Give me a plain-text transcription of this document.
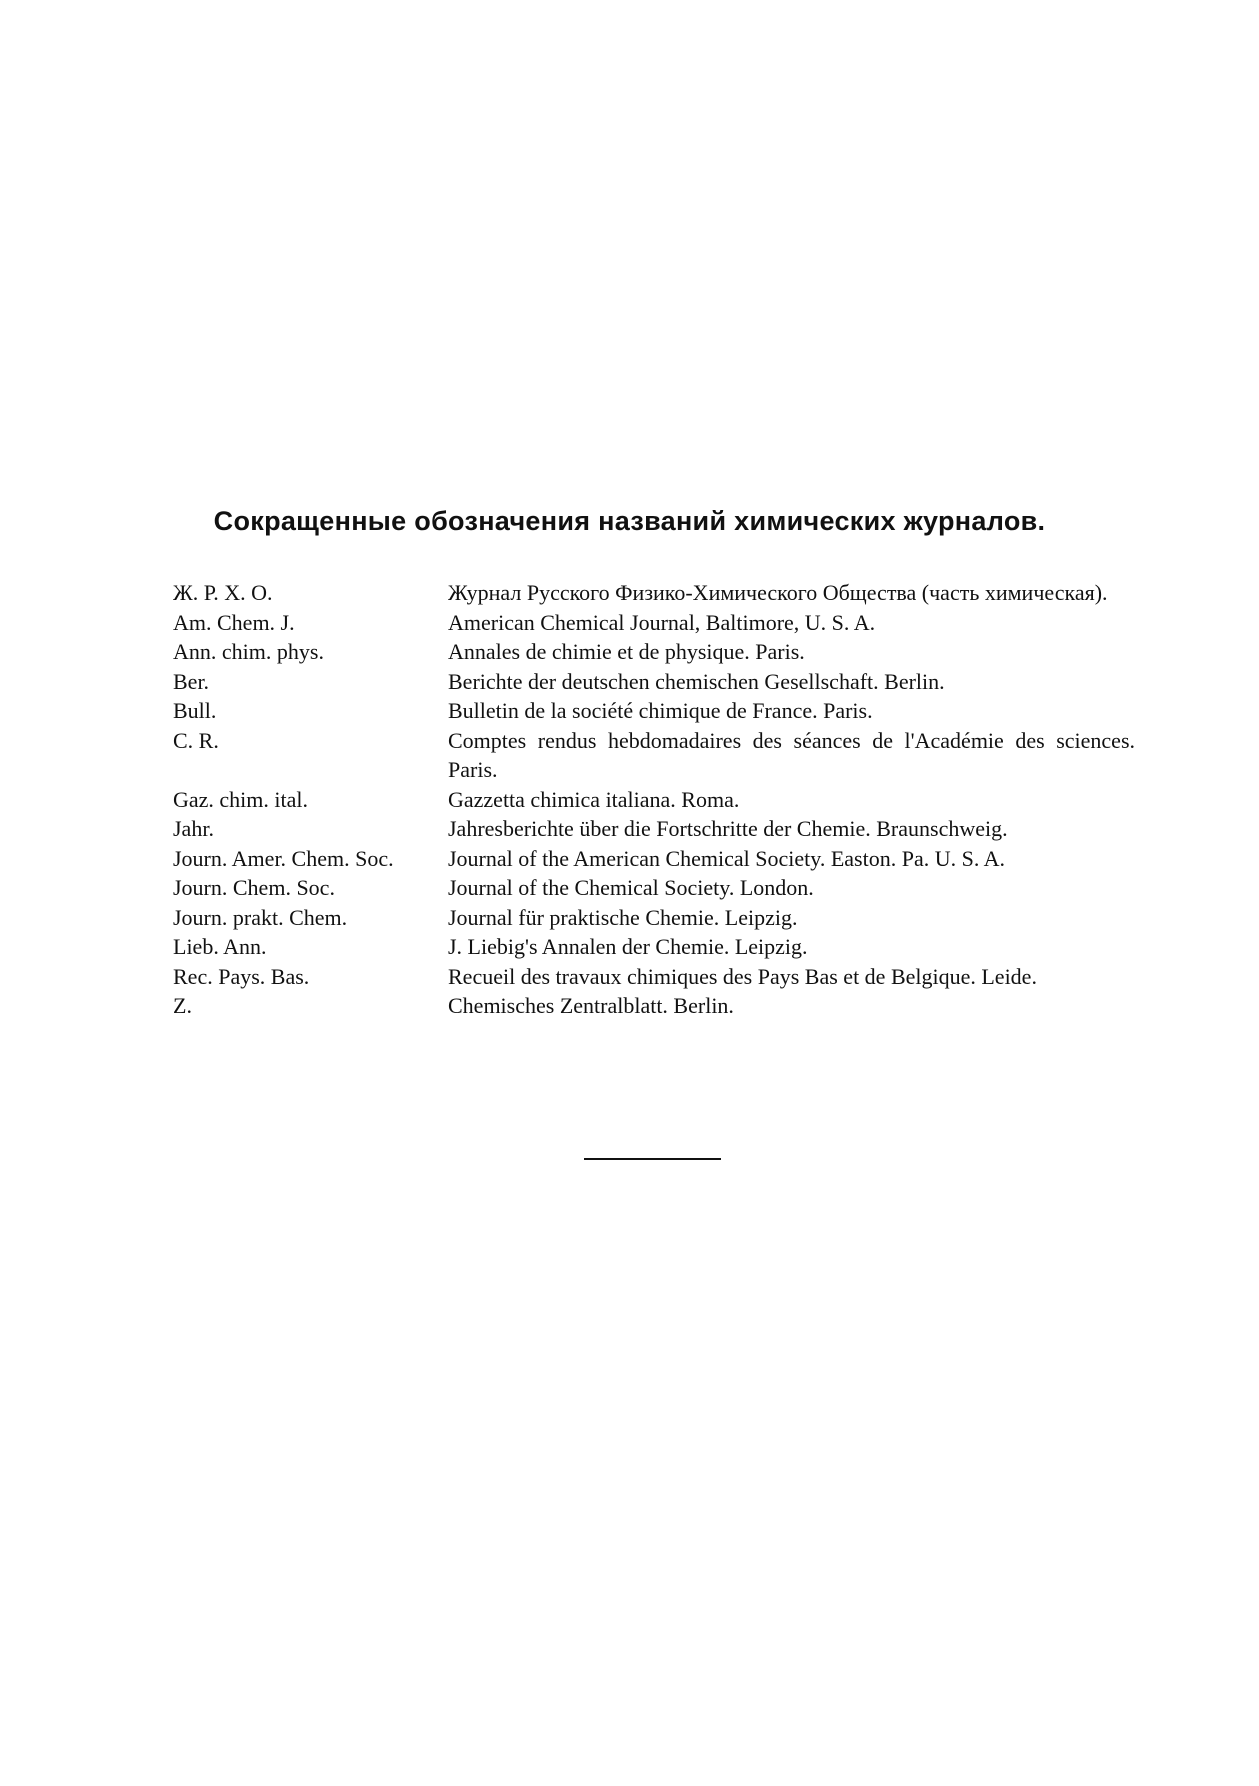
Сокращенные обозначения названий химических журналов.
Ж. Р. Х. О.	Журнал Русского Физико-Химического Общества (часть химическая).
Am. Chem. J.	American Chemical Journal, Baltimore, U. S. A.
Ann. chim. phys.	Annales de chimie et de physique. Paris.
Ber.	Berichte der deutschen chemischen Gesellschaft. Berlin.
Bull.	Bulletin de la société chimique de France. Paris.
C. R.	Comptes rendus hebdomadaires des séances de l'Académie des sciences. Paris.
Gaz. chim. ital.	Gazzetta chimica italiana. Roma.
Jahr.	Jahresberichte über die Fortschritte der Chemie. Braunschweig.
Journ. Amer. Chem. Soc.	Journal of the American Chemical Society. Easton. Pa. U. S. A.
Journ. Chem. Soc.	Journal of the Chemical Society. London.
Journ. prakt. Chem.	Journal für praktische Chemie. Leipzig.
Lieb. Ann.	J. Liebig's Annalen der Chemie. Leipzig.
Rec. Pays. Bas.	Recueil des travaux chimiques des Pays Bas et de Belgique. Leide.
Z.	Chemisches Zentralblatt. Berlin.
